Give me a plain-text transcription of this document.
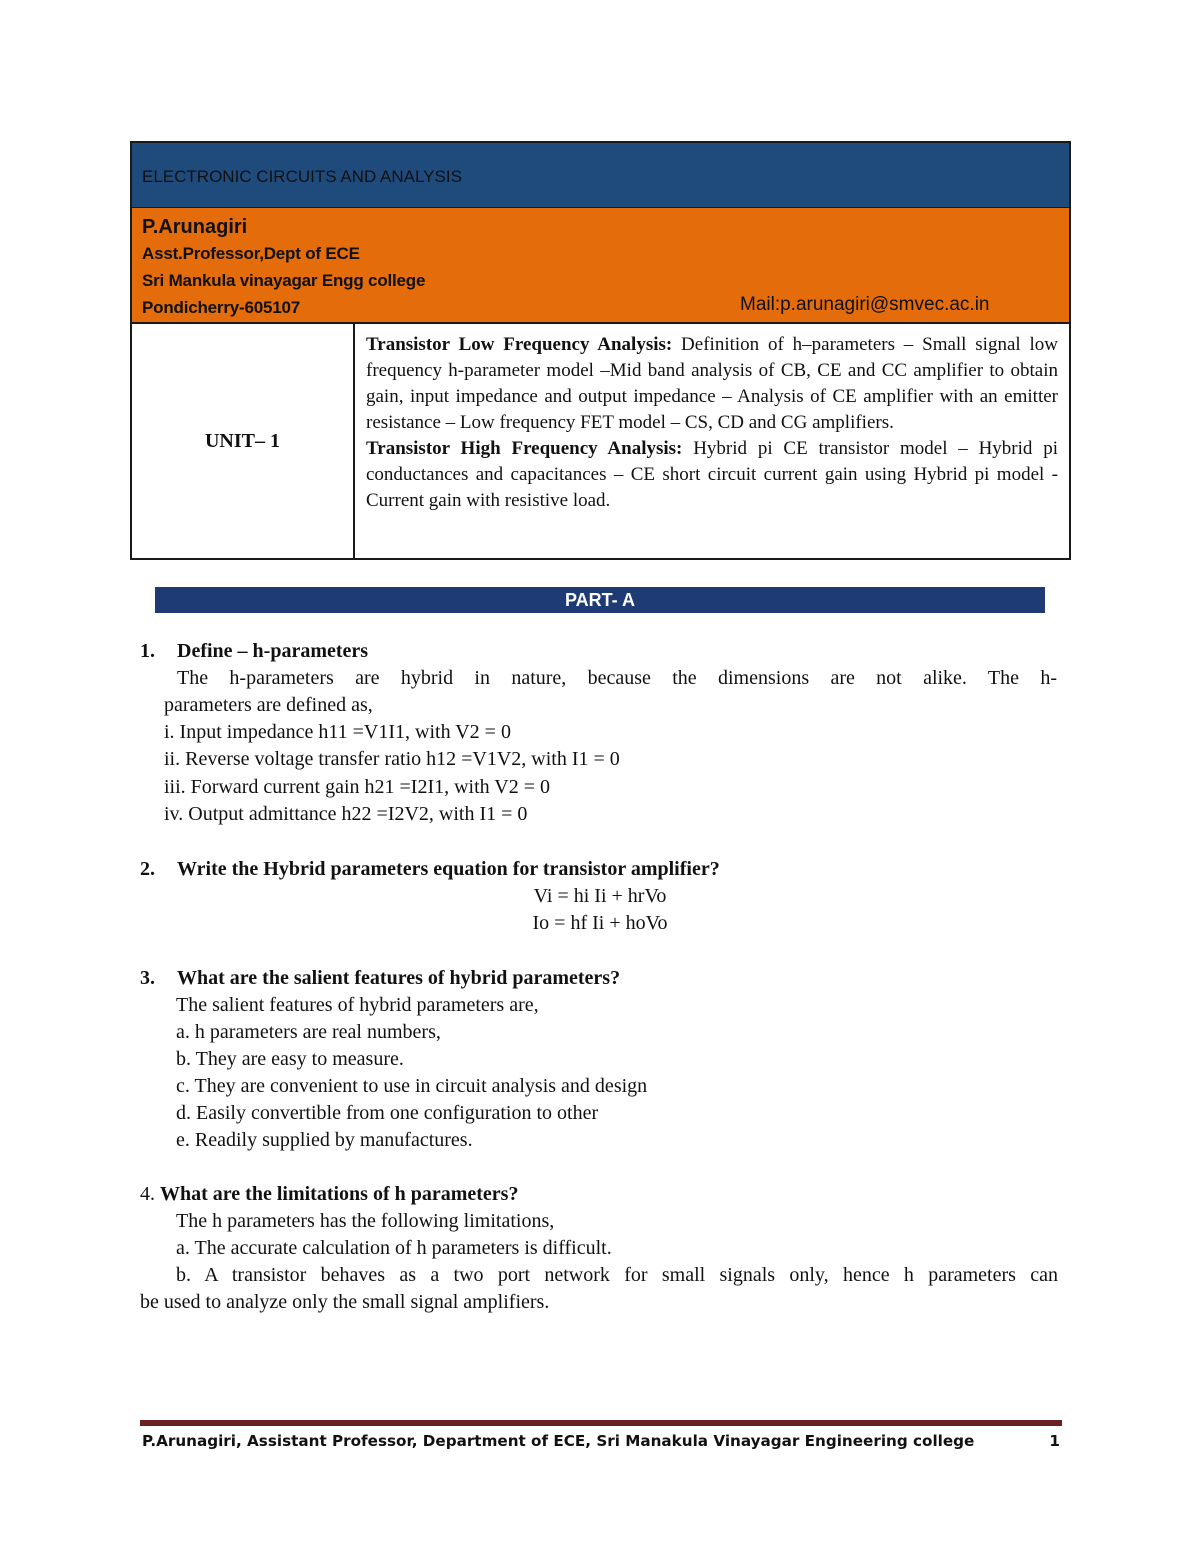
ELECTRONIC CIRCUITS AND ANALYSIS
P.Arunagiri
Asst.Professor,Dept of ECE
Sri Mankula vinayagar Engg college
Pondicherry-605107	Mail:p.arunagiri@smvec.ac.in
UNIT– 1
Transistor Low Frequency Analysis: Definition of h–parameters – Small signal low frequency h-parameter model –Mid band analysis of CB, CE and CC amplifier to obtain gain, input impedance and output impedance – Analysis of CE amplifier with an emitter resistance – Low frequency FET model – CS, CD and CG amplifiers.
Transistor High Frequency Analysis: Hybrid pi CE transistor model – Hybrid pi conductances and capacitances – CE short circuit current gain using Hybrid pi model - Current gain with resistive load.
PART- A
1. Define – h-parameters
The h-parameters are hybrid in nature, because the dimensions are not alike. The h-
parameters are defined as,
i. Input impedance h11 =V1I1, with V2 = 0
ii. Reverse voltage transfer ratio h12 =V1V2, with I1 = 0
iii. Forward current gain h21 =I2I1, with V2 = 0
iv. Output admittance h22 =I2V2, with I1 = 0
2. Write the Hybrid parameters equation for transistor amplifier?
Vi = hi Ii + hrVo
Io = hf Ii + hoVo
3. What are the salient features of hybrid parameters?
The salient features of hybrid parameters are,
a. h parameters are real numbers,
b. They are easy to measure.
c. They are convenient to use in circuit analysis and design
d. Easily convertible from one configuration to other
e. Readily supplied by manufactures.
4. What are the limitations of h parameters?
The h parameters has the following limitations,
a. The accurate calculation of h parameters is difficult.
b. A transistor behaves as a two port network for small signals only, hence h parameters can
be used to analyze only the small signal amplifiers.
P.Arunagiri, Assistant Professor, Department of ECE, Sri Manakula Vinayagar Engineering college	1
